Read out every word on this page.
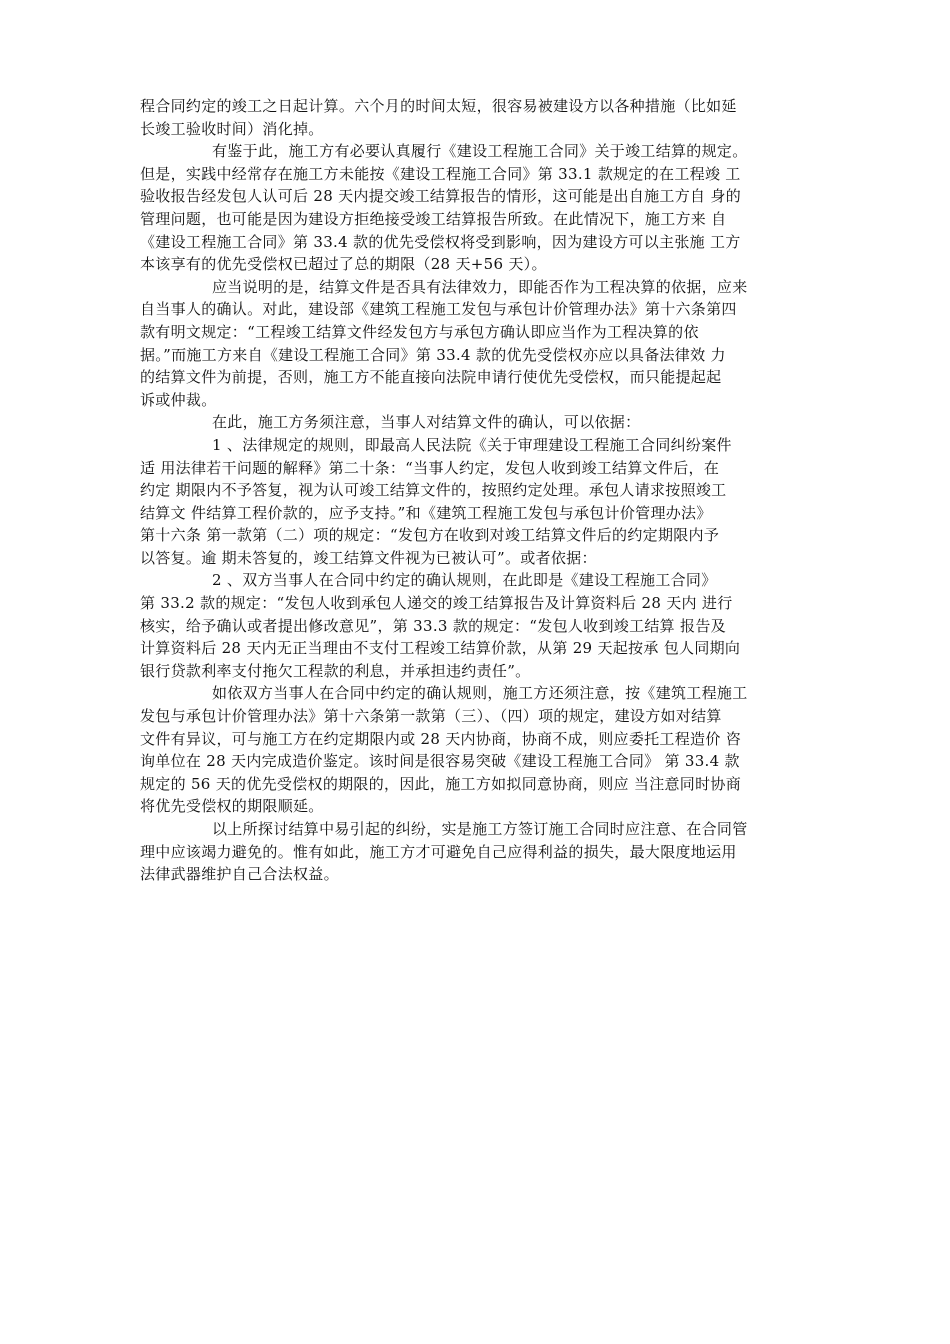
程合同约定的竣工之日起计算。六个月的时间太短，很容易被建设方以各种措施（比如延
长竣工验收时间）消化掉。
有鉴于此，施工方有必要认真履行《建设工程施工合同》关于竣工结算的规定。
但是，实践中经常存在施工方未能按《建设工程施工合同》第 33.1 款规定的在工程竣 工
验收报告经发包人认可后 28 天内提交竣工结算报告的情形，这可能是出自施工方自 身的
管理问题，也可能是因为建设方拒绝接受竣工结算报告所致。在此情况下，施工方来 自
《建设工程施工合同》第 33.4 款的优先受偿权将受到影响，因为建设方可以主张施 工方
本该享有的优先受偿权已超过了总的期限（28 天+56 天）。
应当说明的是，结算文件是否具有法律效力，即能否作为工程决算的依据，应来
自当事人的确认。对此，建设部《建筑工程施工发包与承包计价管理办法》第十六条第四
款有明文规定：“工程竣工结算文件经发包方与承包方确认即应当作为工程决算的依
据。”而施工方来自《建设工程施工合同》第 33.4 款的优先受偿权亦应以具备法律效 力
的结算文件为前提，否则，施工方不能直接向法院申请行使优先受偿权，而只能提起起
诉或仲裁。
在此，施工方务须注意，当事人对结算文件的确认，可以依据：
1 、法律规定的规则，即最高人民法院《关于审理建设工程施工合同纠纷案件
适 用法律若干问题的解释》第二十条：“当事人约定，发包人收到竣工结算文件后，在
约定 期限内不予答复，视为认可竣工结算文件的，按照约定处理。承包人请求按照竣工
结算文 件结算工程价款的，应予支持。”和《建筑工程施工发包与承包计价管理办法》
第十六条 第一款第（二）项的规定：“发包方在收到对竣工结算文件后的约定期限内予
以答复。逾 期未答复的，竣工结算文件视为已被认可”。或者依据：
2 、双方当事人在合同中约定的确认规则，在此即是《建设工程施工合同》
第 33.2 款的规定：“发包人收到承包人递交的竣工结算报告及计算资料后 28 天内 进行
核实，给予确认或者提出修改意见”，第 33.3 款的规定：“发包人收到竣工结算 报告及
计算资料后 28 天内无正当理由不支付工程竣工结算价款，从第 29 天起按承 包人同期向
银行贷款利率支付拖欠工程款的利息，并承担违约责任”。
如依双方当事人在合同中约定的确认规则，施工方还须注意，按《建筑工程施工
发包与承包计价管理办法》第十六条第一款第（三）、（四）项的规定，建设方如对结算
文件有异议，可与施工方在约定期限内或 28 天内协商，协商不成，则应委托工程造价 咨
询单位在 28 天内完成造价鉴定。该时间是很容易突破《建设工程施工合同》 第 33.4 款
规定的 56 天的优先受偿权的期限的，因此，施工方如拟同意协商，则应 当注意同时协商
将优先受偿权的期限顺延。
以上所探讨结算中易引起的纠纷，实是施工方签订施工合同时应注意、在合同管
理中应该竭力避免的。惟有如此，施工方才可避免自己应得利益的损失，最大限度地运用
法律武器维护自己合法权益。
